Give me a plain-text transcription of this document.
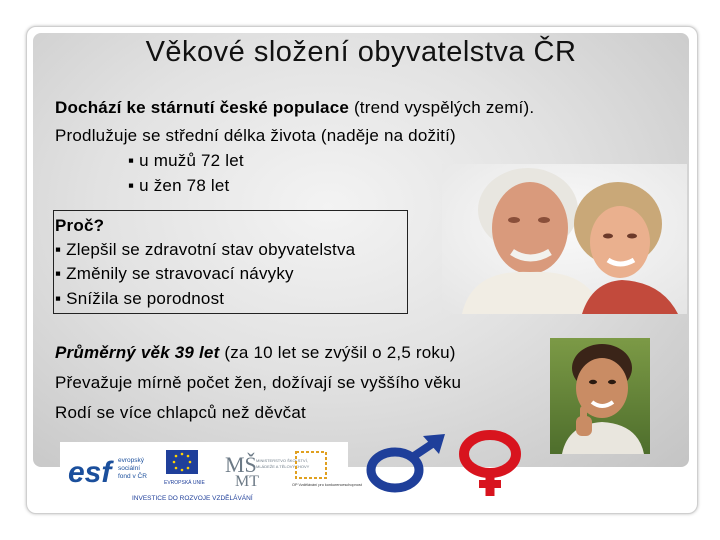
Věkové složení obyvatelstva ČR
Dochází ke stárnutí české populace (trend vyspělých zemí).
Prodlužuje se střední délka života (naděje na dožití)
▪ u mužů 72 let
▪ u žen 78 let
Proč?
▪ Zlepšil se zdravotní stav obyvatelstva
▪ Změnily se stravovací návyky
▪ Snížila se porodnost
Průměrný věk 39 let (za 10 let se zvýšil o 2,5 roku)
Převažuje mírně počet žen, dožívají se vyššího věku
Rodí se více chlapců než děvčat
esf	evropský
sociální
fond v ČR
EVROPSKÁ UNIE
MŠ
MT
MINISTERSTVO ŠKOLSTVÍ,
MLÁDEŽE A TĚLOVÝCHOVY
OP Vzdělávání pro konkurenceschopnost
INVESTICE DO ROZVOJE VZDĚLÁVÁNÍ
